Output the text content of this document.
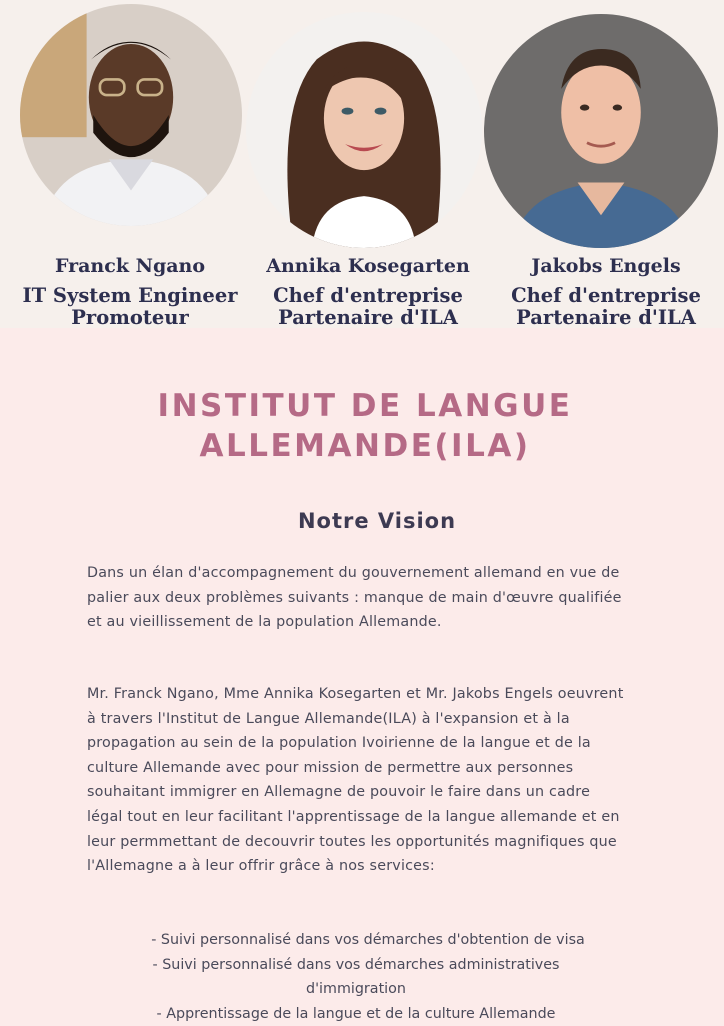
Franck Ngano
IT System Engineer
Promoteur
Annika Kosegarten
Chef d'entreprise
Partenaire d'ILA
Jakobs Engels
Chef d'entreprise
Partenaire d'ILA
INSTITUT DE LANGUE
ALLEMANDE(ILA)
Notre Vision

Dans un élan d'accompagnement du gouvernement allemand en vue de palier aux deux problèmes suivants : manque de main d'œuvre qualifiée et au vieillissement de la population Allemande.

Mr. Franck Ngano, Mme Annika Kosegarten et Mr. Jakobs Engels oeuvrent à travers l'Institut de Langue Allemande(ILA) à l'expansion et à la propagation au sein de la population Ivoirienne de la langue et de la culture Allemande avec pour mission de permettre aux personnes souhaitant immigrer en Allemagne de pouvoir le faire dans un cadre légal tout en leur facilitant l'apprentissage de la langue allemande et en leur permmettant de decouvrir toutes les opportunités magnifiques que l'Allemagne a à leur offrir grâce à nos services:

- Suivi personnalisé dans vos démarches d'obtention de visa
- Suivi personnalisé dans vos démarches administratives d'immigration
- Apprentissage de la langue et de la culture Allemande
